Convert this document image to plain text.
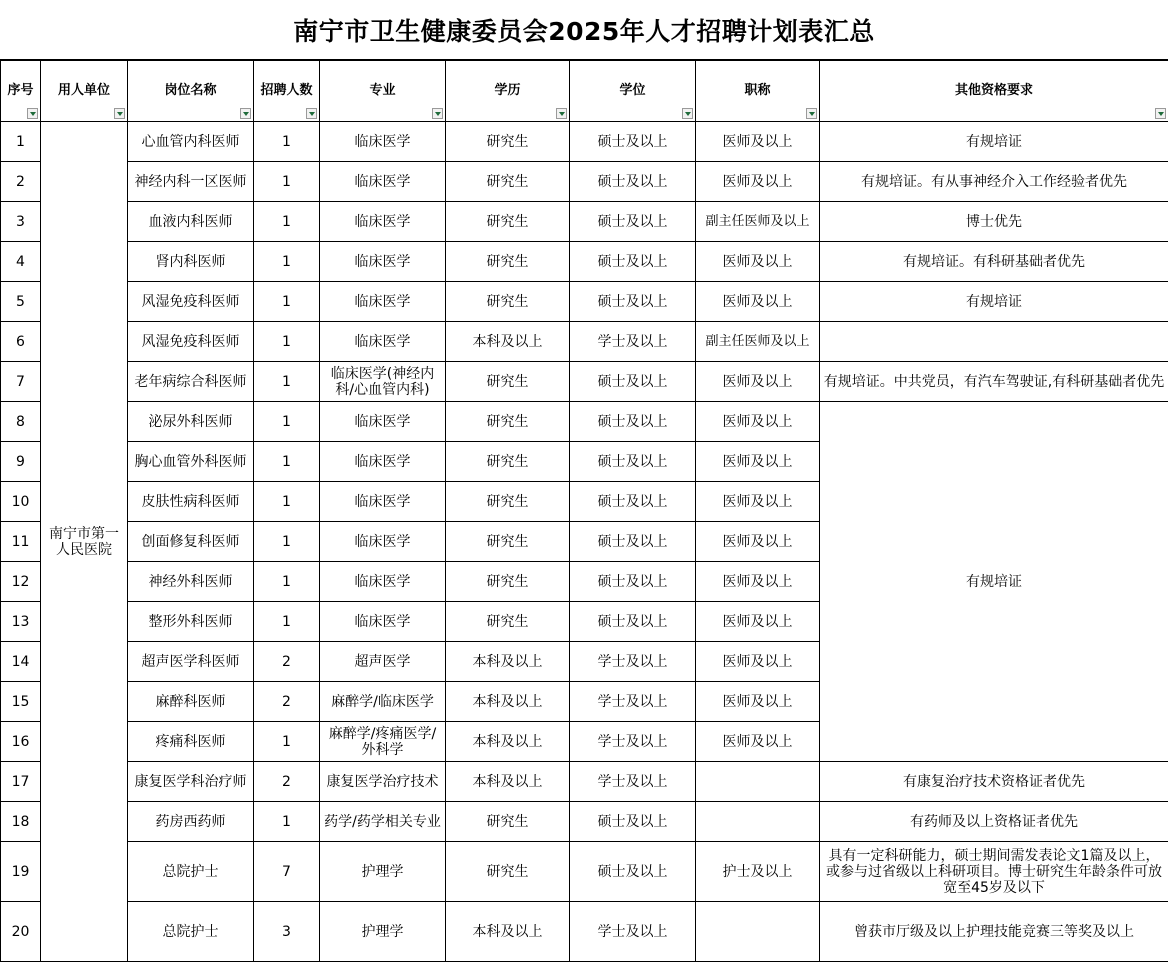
南宁市卫生健康委员会2025年人才招聘计划表汇总
序号	用人单位	岗位名称	招聘人数	专业	学历	学位	职称	其他资格要求

1	南宁市第一人民医院	心血管内科医师	1	临床医学	研究生	硕士及以上	医师及以上	有规培证
2		神经内科一区医师	1	临床医学	研究生	硕士及以上	医师及以上	有规培证。有从事神经介入工作经验者优先
3		血液内科医师	1	临床医学	研究生	硕士及以上	副主任医师及以上	博士优先
4		肾内科医师	1	临床医学	研究生	硕士及以上	医师及以上	有规培证。有科研基础者优先
5		风湿免疫科医师	1	临床医学	研究生	硕士及以上	医师及以上	有规培证
6		风湿免疫科医师	1	临床医学	本科及以上	学士及以上	副主任医师及以上	
7		老年病综合科医师	1	临床医学(神经内科/心血管内科)	研究生	硕士及以上	医师及以上	有规培证。中共党员，有汽车驾驶证,有科研基础者优先
8		泌尿外科医师	1	临床医学	研究生	硕士及以上	医师及以上	有规培证
9		胸心血管外科医师	1	临床医学	研究生	硕士及以上	医师及以上	
10		皮肤性病科医师	1	临床医学	研究生	硕士及以上	医师及以上	
11		创面修复科医师	1	临床医学	研究生	硕士及以上	医师及以上	
12		神经外科医师	1	临床医学	研究生	硕士及以上	医师及以上	
13		整形外科医师	1	临床医学	研究生	硕士及以上	医师及以上	
14		超声医学科医师	2	超声医学	本科及以上	学士及以上	医师及以上	
15		麻醉科医师	2	麻醉学/临床医学	本科及以上	学士及以上	医师及以上	
16		疼痛科医师	1	麻醉学/疼痛医学/外科学	本科及以上	学士及以上	医师及以上	
17		康复医学科治疗师	2	康复医学治疗技术	本科及以上	学士及以上		有康复治疗技术资格证者优先
18		药房西药师	1	药学/药学相关专业	研究生	硕士及以上		有药师及以上资格证者优先
19		总院护士	7	护理学	研究生	硕士及以上	护士及以上	具有一定科研能力，硕士期间需发表论文1篇及以上，或参与过省级以上科研项目。博士研究生年龄条件可放宽至45岁及以下
20		总院护士	3	护理学	本科及以上	学士及以上		曾获市厅级及以上护理技能竞赛三等奖及以上
